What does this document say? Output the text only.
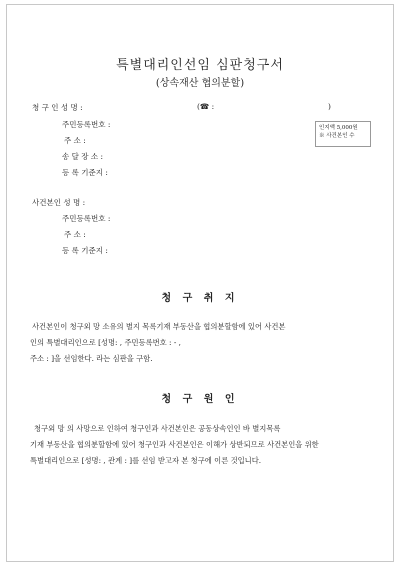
특별대리인선임 심판청구서
(상속재산 협의분할)
청 구 인 성 명 :	(☎ :	)
주민등록번호 :
주 소 :
송 달 장 소 :
등 록 기준지 :
인지액 5,000원
※ 사건본인 수
사건본인 성 명 :
주민등록번호 :
주 소 :
등 록 기준지 :
청 구 취 지
사건본인이 청구외 망 소유의 별지 목록기재 부동산을 협의분할함에 있어 사건본
인의 특별대리인으로 [성명: , 주민등록번호 : - ,
주소 : ]을 선임한다. 라는 심판을 구함.
청 구 원 인
청구외 망 의 사망으로 인하여 청구인과 사건본인은 공동상속인인 바 별지목록
기재 부동산을 협의분할함에 있어 청구인과 사건본인은 이해가 상반되므로 사건본인을 위한
특별대리인으로 [성명: , 관계 : ]를 선임 받고자 본 청구에 이른 것입니다.
